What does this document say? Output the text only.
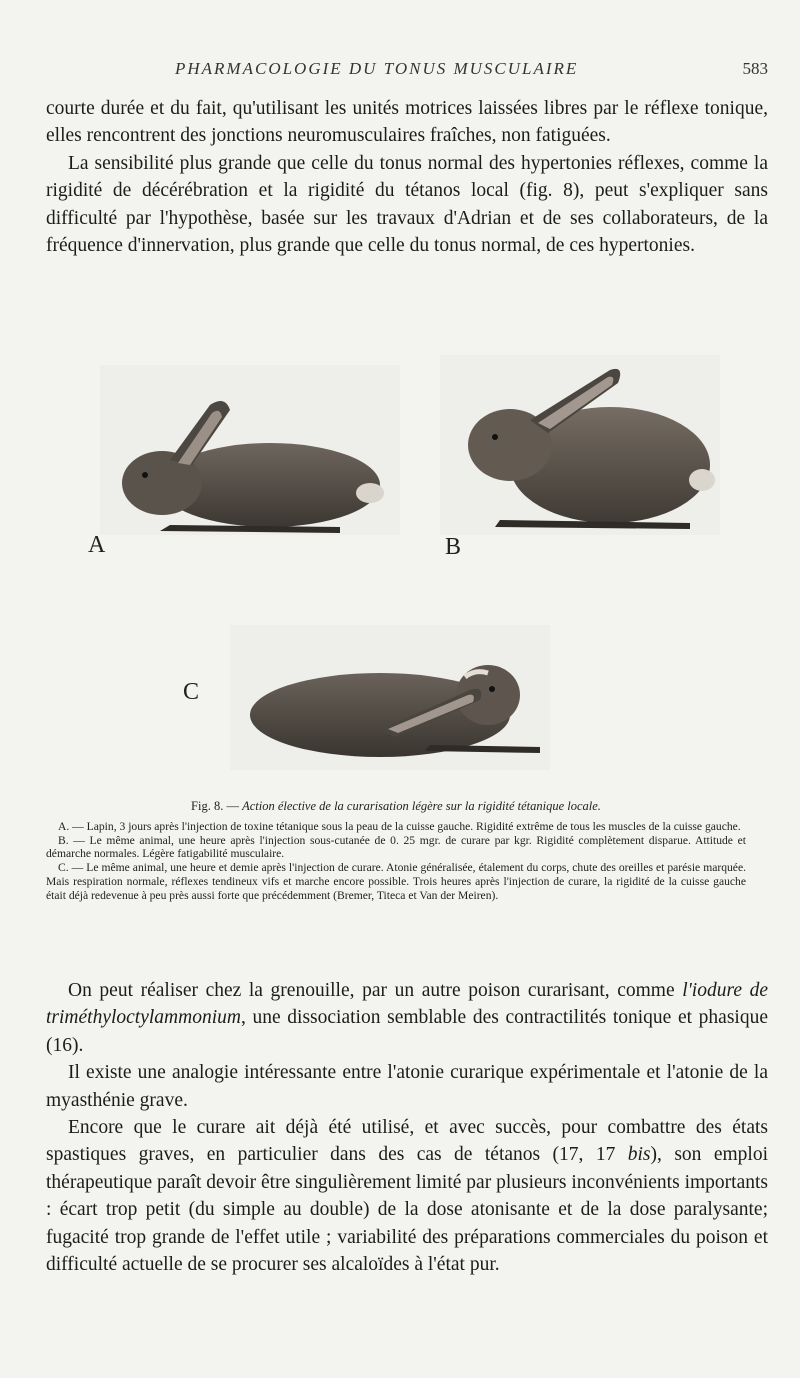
PHARMACOLOGIE DU TONUS MUSCULAIRE	583

courte durée et du fait, qu'utilisant les unités motrices laissées libres par le réflexe tonique, elles rencontrent des jonctions neuromusculaires fraîches, non fatiguées.

La sensibilité plus grande que celle du tonus normal des hypertonies réflexes, comme la rigidité de décérébration et la rigidité du tétanos local (fig. 8), peut s'expliquer sans difficulté par l'hypothèse, basée sur les travaux d'Adrian et de ses collaborateurs, de la fréquence d'innervation, plus grande que celle du tonus normal, de ces hypertonies.

A	B
C
Fig. 8. — Action élective de la curarisation légère sur la rigidité tétanique locale.

A. — Lapin, 3 jours après l'injection de toxine tétanique sous la peau de la cuisse gauche. Rigidité extrême de tous les muscles de la cuisse gauche.

B. — Le même animal, une heure après l'injection sous-cutanée de 0. 25 mgr. de curare par kgr. Rigidité complètement disparue. Attitude et démarche normales. Légère fatigabilité musculaire.

C. — Le même animal, une heure et demie après l'injection de curare. Atonie généralisée, étalement du corps, chute des oreilles et parésie marquée. Mais respiration normale, réflexes tendineux vifs et marche encore possible. Trois heures après l'injection de curare, la rigidité de la cuisse gauche était déjà redevenue à peu près aussi forte que précédemment (Bremer, Titeca et Van der Meiren).

On peut réaliser chez la grenouille, par un autre poison curarisant, comme l'iodure de triméthyloctylammonium, une dissociation semblable des contractilités tonique et phasique (16).

Il existe une analogie intéressante entre l'atonie curarique expérimentale et l'atonie de la myasthénie grave.

Encore que le curare ait déjà été utilisé, et avec succès, pour combattre des états spastiques graves, en particulier dans des cas de tétanos (17, 17 bis), son emploi thérapeutique paraît devoir être singulièrement limité par plusieurs inconvénients importants : écart trop petit (du simple au double) de la dose atonisante et de la dose paralysante; fugacité trop grande de l'effet utile ; variabilité des préparations commerciales du poison et difficulté actuelle de se procurer ses alcaloïdes à l'état pur.
